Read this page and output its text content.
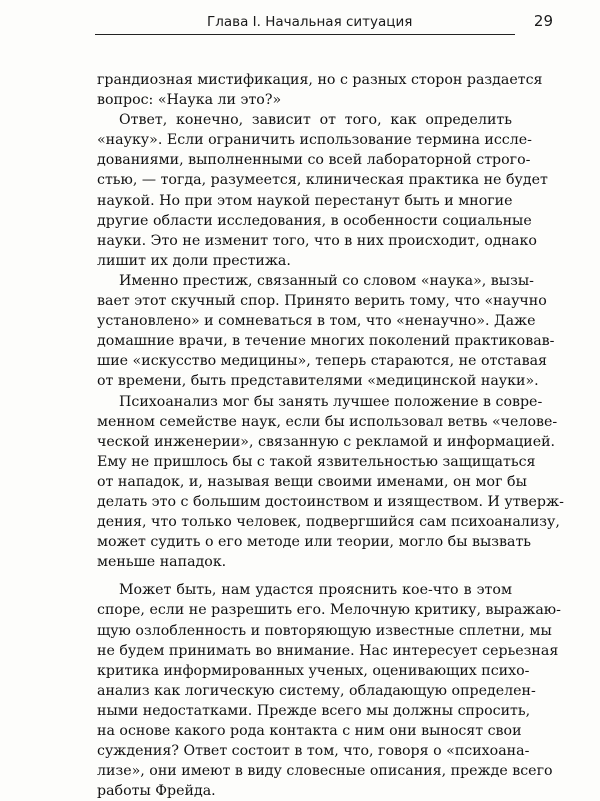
Глава I. Начальная ситуация	29
грандиозная мистификация, но с разных сторон раздается
вопрос: «Наука ли это?»
Ответ, конечно, зависит от того, как определить
«науку». Если ограничить использование термина иссле-
дованиями, выполненными со всей лабораторной строго-
стью, — тогда, разумеется, клиническая практика не будет
наукой. Но при этом наукой перестанут быть и многие
другие области исследования, в особенности социальные
науки. Это не изменит того, что в них происходит, однако
лишит их доли престижа.
Именно престиж, связанный со словом «наука», вызы-
вает этот скучный спор. Принято верить тому, что «научно
установлено» и сомневаться в том, что «ненаучно». Даже
домашние врачи, в течение многих поколений практиковав-
шие «искусство медицины», теперь стараются, не отставая
от времени, быть представителями «медицинской науки».
Психоанализ мог бы занять лучшее положение в совре-
менном семействе наук, если бы использовал ветвь «челове-
ческой инженерии», связанную с рекламой и информацией.
Ему не пришлось бы с такой язвительностью защищаться
от нападок, и, называя вещи своими именами, он мог бы
делать это с большим достоинством и изяществом. И утверж-
дения, что только человек, подвергшийся сам психоанализу,
может судить о его методе или теории, могло бы вызвать
меньше нападок.
Может быть, нам удастся прояснить кое-что в этом
споре, если не разрешить его. Мелочную критику, выражаю-
щую озлобленность и повторяющую известные сплетни, мы
не будем принимать во внимание. Нас интересует серьезная
критика информированных ученых, оценивающих психо-
анализ как логическую систему, обладающую определен-
ными недостатками. Прежде всего мы должны спросить,
на основе какого рода контакта с ним они выносят свои
суждения? Ответ состоит в том, что, говоря о «психоана-
лизе», они имеют в виду словесные описания, прежде всего
работы Фрейда.
